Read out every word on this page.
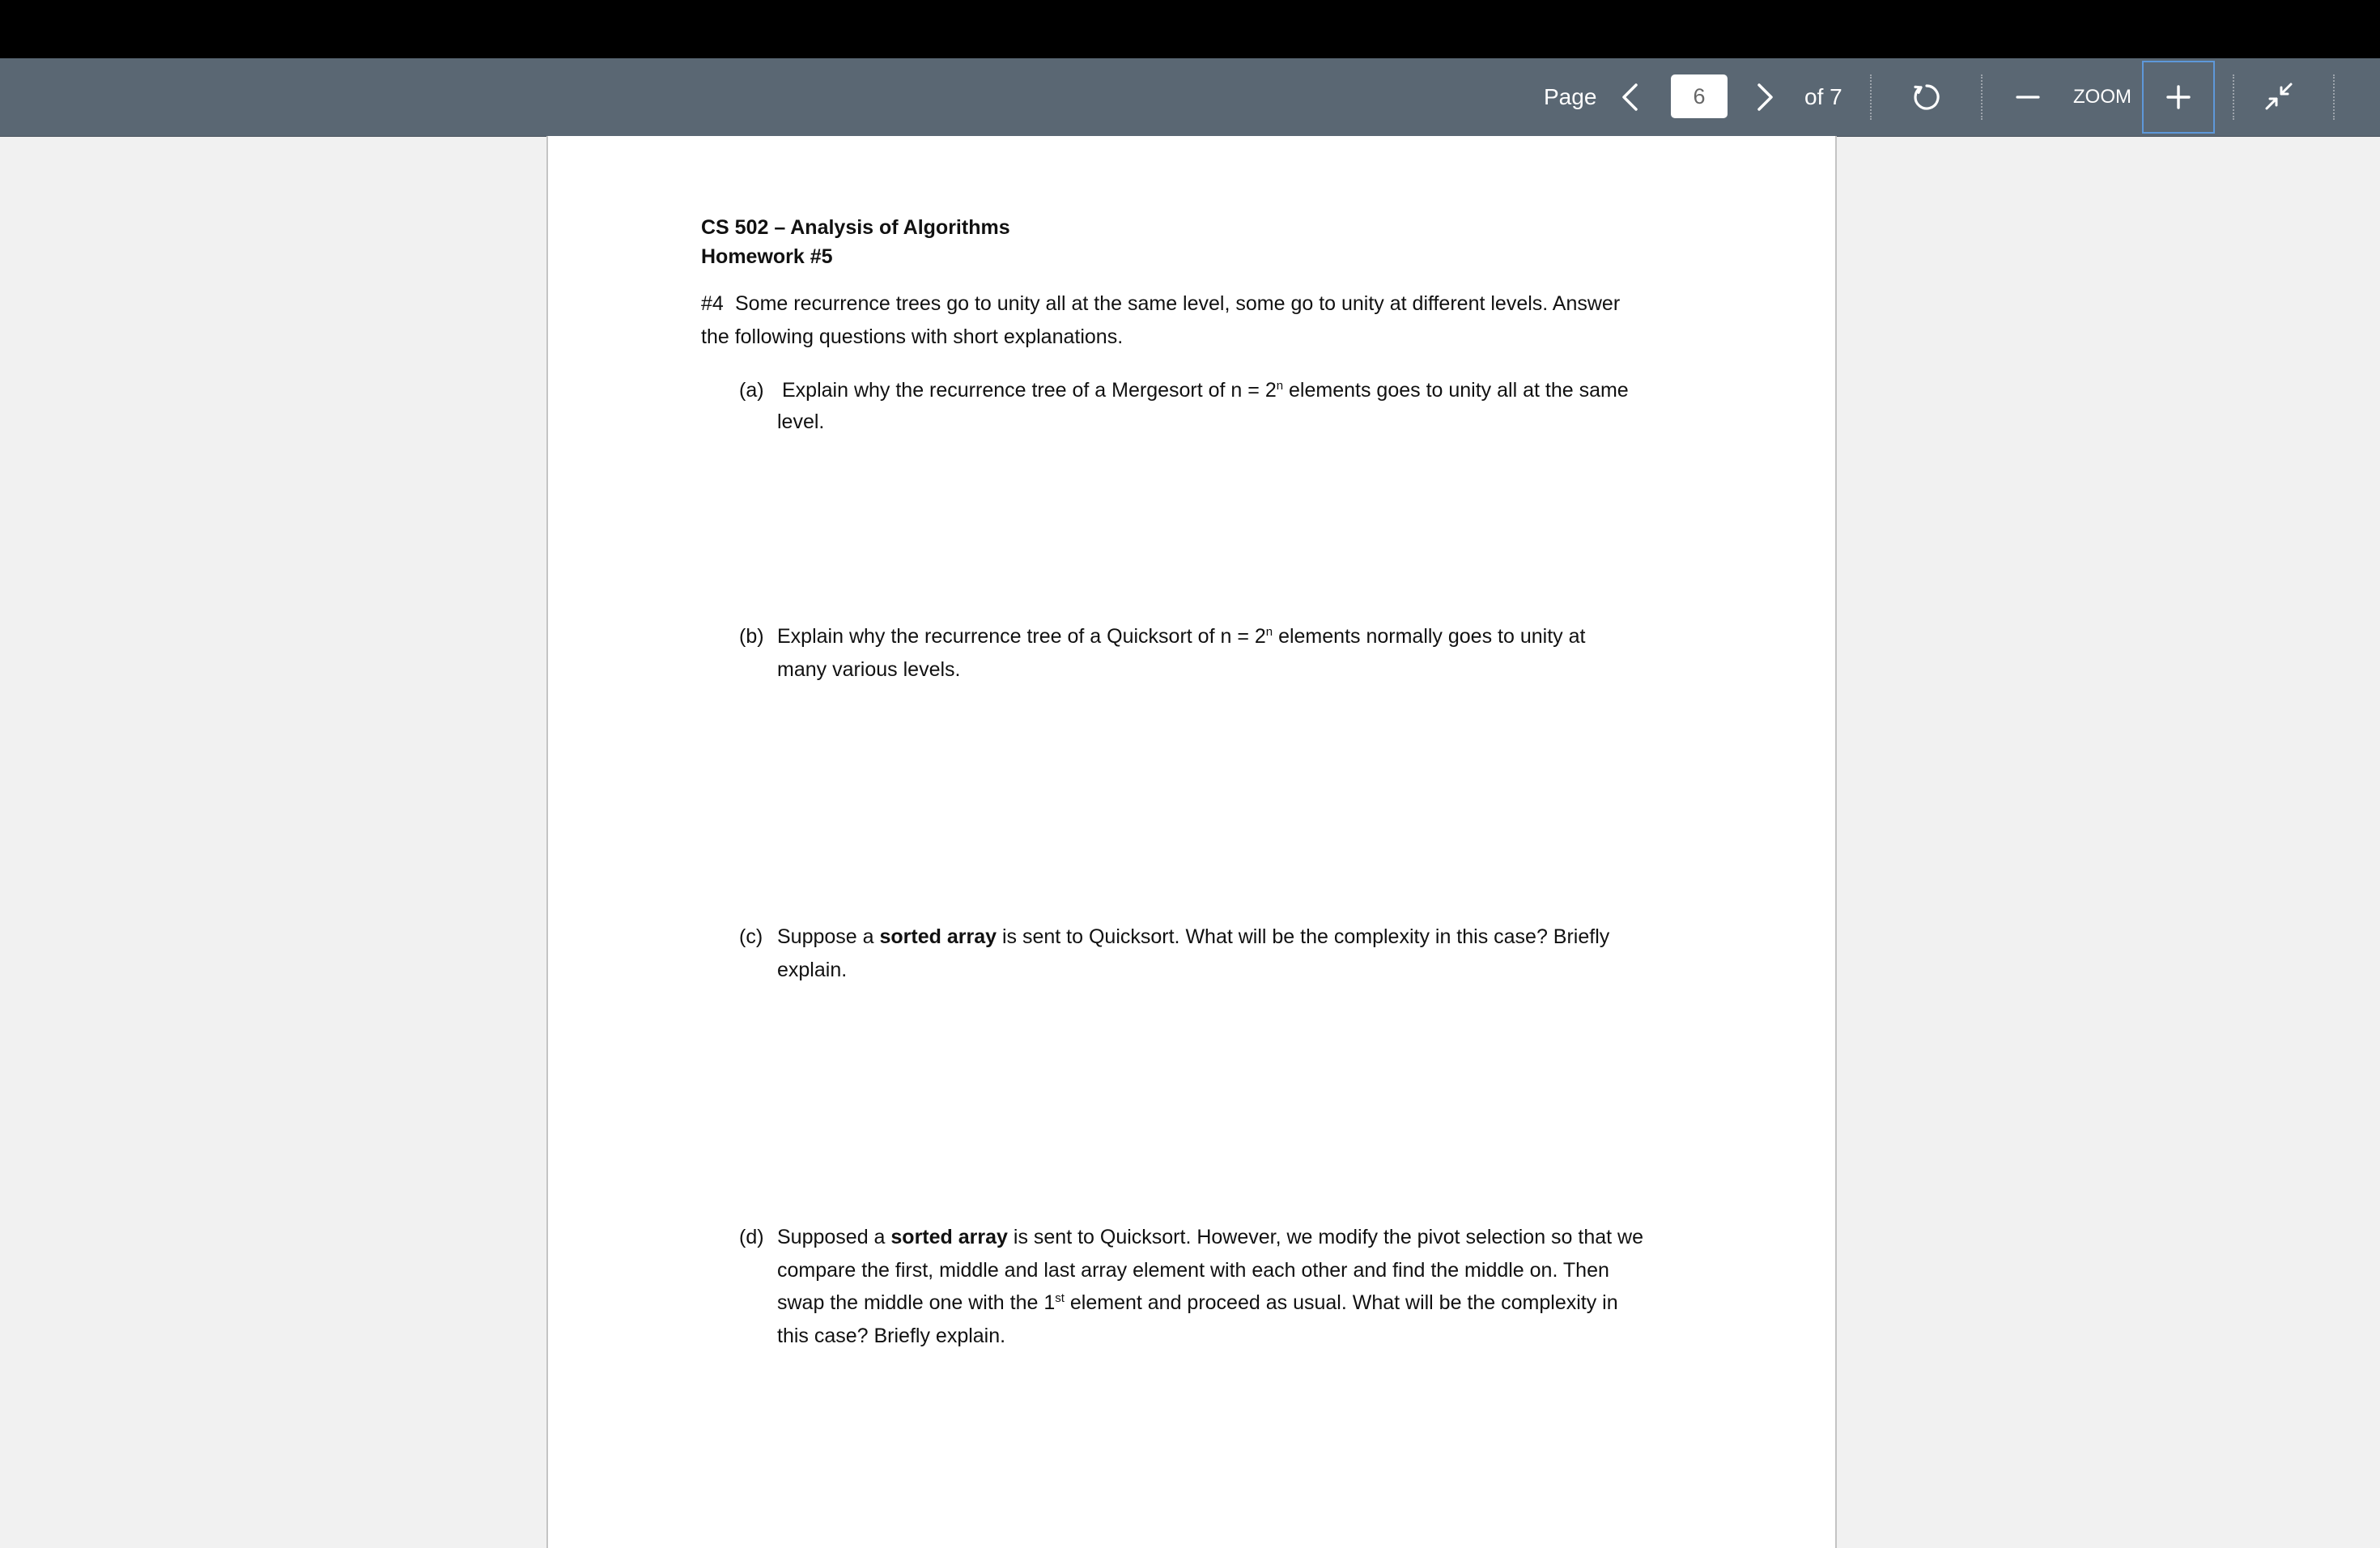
Page
6	of 7	ZOOM
CS 502 – Analysis of Algorithms
Homework #5
#4 Some recurrence trees go to unity all at the same level, some go to unity at different levels. Answer
the following questions with short explanations.
(a) Explain why the recurrence tree of a Mergesort of $n = 2^n$ elements goes to unity all at the same
level.
(b) Explain why the recurrence tree of a Quicksort of $n = 2^n$ elements normally goes to unity at
many various levels.
(c) Suppose a sorted array is sent to Quicksort. What will be the complexity in this case? Briefly
explain.
(d) Supposed a sorted array is sent to Quicksort. However, we modify the pivot selection so that we
compare the first, middle and last array element with each other and find the middle on. Then
swap the middle one with the 1st element and proceed as usual. What will be the complexity in
this case? Briefly explain.
